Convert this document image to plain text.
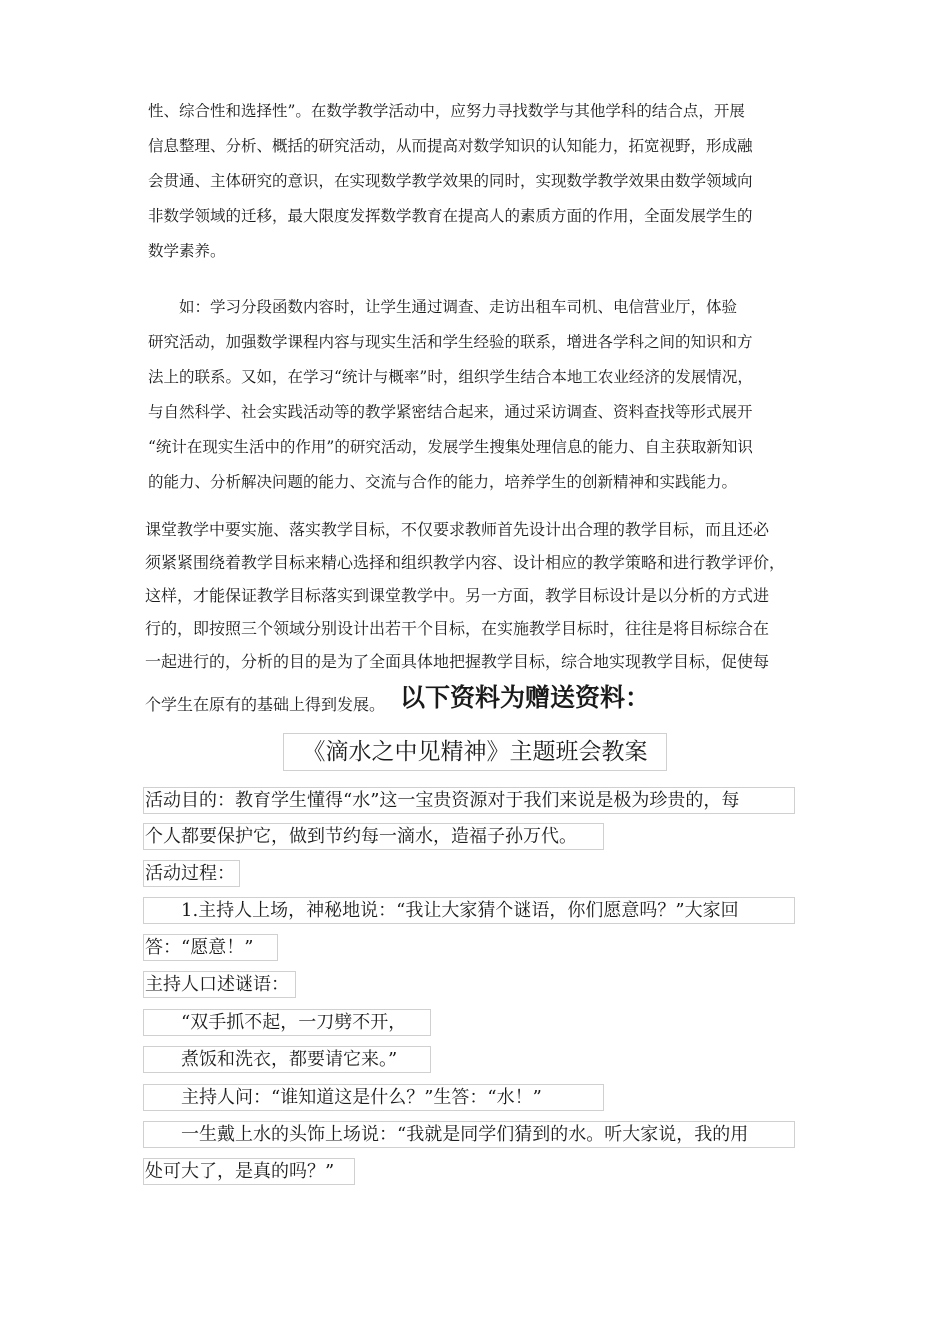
性、综合性和选择性”。在数学教学活动中，应努力寻找数学与其他学科的结合点，开展
信息整理、分析、概括的研究活动，从而提高对数学知识的认知能力，拓宽视野，形成融
会贯通、主体研究的意识，在实现数学教学效果的同时，实现数学教学效果由数学领域向
非数学领域的迁移，最大限度发挥数学教育在提高人的素质方面的作用，全面发展学生的
数学素养。
　　如：学习分段函数内容时，让学生通过调查、走访出租车司机、电信营业厅，体验
研究活动，加强数学课程内容与现实生活和学生经验的联系，增进各学科之间的知识和方
法上的联系。又如，在学习“统计与概率”时，组织学生结合本地工农业经济的发展情况，
与自然科学、社会实践活动等的教学紧密结合起来，通过采访调查、资料查找等形式展开
“统计在现实生活中的作用”的研究活动，发展学生搜集处理信息的能力、自主获取新知识
的能力、分析解决问题的能力、交流与合作的能力，培养学生的创新精神和实践能力。
课堂教学中要实施、落实教学目标，不仅要求教师首先设计出合理的教学目标，而且还必
须紧紧围绕着教学目标来精心选择和组织教学内容、设计相应的教学策略和进行教学评价，
这样，才能保证教学目标落实到课堂教学中。另一方面，教学目标设计是以分析的方式进
行的，即按照三个领域分别设计出若干个目标，在实施教学目标时，往往是将目标综合在
一起进行的，分析的目的是为了全面具体地把握教学目标，综合地实现教学目标，促使每
个学生在原有的基础上得到发展。 以下资料为赠送资料：
《滴水之中见精神》主题班会教案
活动目的：教育学生懂得“水”这一宝贵资源对于我们来说是极为珍贵的，每
个人都要保护它，做到节约每一滴水，造福子孙万代。
活动过程：
　　1.主持人上场，神秘地说：“我让大家猜个谜语，你们愿意吗？”大家回
答：“愿意！”
主持人口述谜语：
　　“双手抓不起，一刀劈不开，
　　煮饭和洗衣，都要请它来。”
　　主持人问：“谁知道这是什么？”生答：“水！”
　　一生戴上水的头饰上场说：“我就是同学们猜到的水。听大家说，我的用
处可大了，是真的吗？”
